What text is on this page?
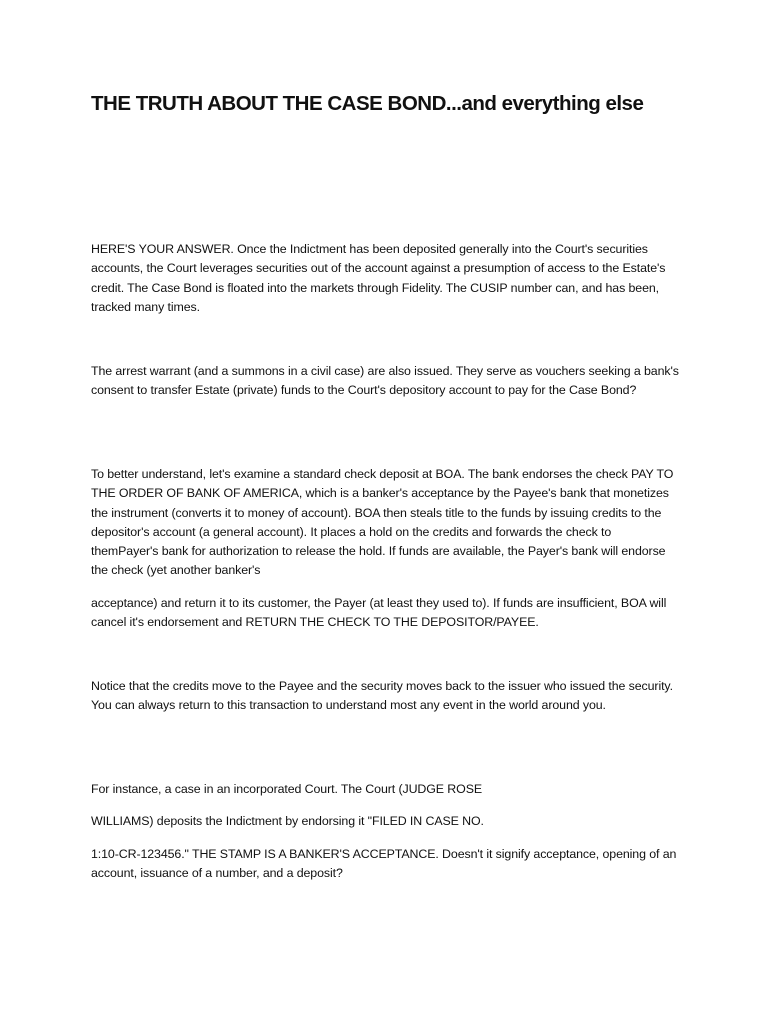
THE TRUTH ABOUT THE CASE BOND...and everything else

HERE'S YOUR ANSWER. Once the Indictment has been deposited generally into the Court's securities accounts, the Court leverages securities out of the account against a presumption of access to the Estate's credit. The Case Bond is floated into the markets through Fidelity. The CUSIP number can, and has been, tracked many times.

The arrest warrant (and a summons in a civil case) are also issued. They serve as vouchers seeking a bank's consent to transfer Estate (private) funds to the Court's depository account to pay for the Case Bond?

To better understand, let's examine a standard check deposit at BOA. The bank endorses the check PAY TO THE ORDER OF BANK OF AMERICA, which is a banker's acceptance by the Payee's bank that monetizes the instrument (converts it to money of account). BOA then steals title to the funds by issuing credits to the depositor's account (a general account). It places a hold on the credits and forwards the check to themPayer's bank for authorization to release the hold. If funds are available, the Payer's bank will endorse the check (yet another banker's

acceptance) and return it to its customer, the Payer (at least they used to). If funds are insufficient, BOA will cancel it's endorsement and RETURN THE CHECK TO THE DEPOSITOR/PAYEE.

Notice that the credits move to the Payee and the security moves back to the issuer who issued the security. You can always return to this transaction to understand most any event in the world around you.

For instance, a case in an incorporated Court. The Court (JUDGE ROSE

WILLIAMS) deposits the Indictment by endorsing it "FILED IN CASE NO.

1:10-CR-123456." THE STAMP IS A BANKER'S ACCEPTANCE. Doesn't it signify acceptance, opening of an account, issuance of a number, and a deposit?
